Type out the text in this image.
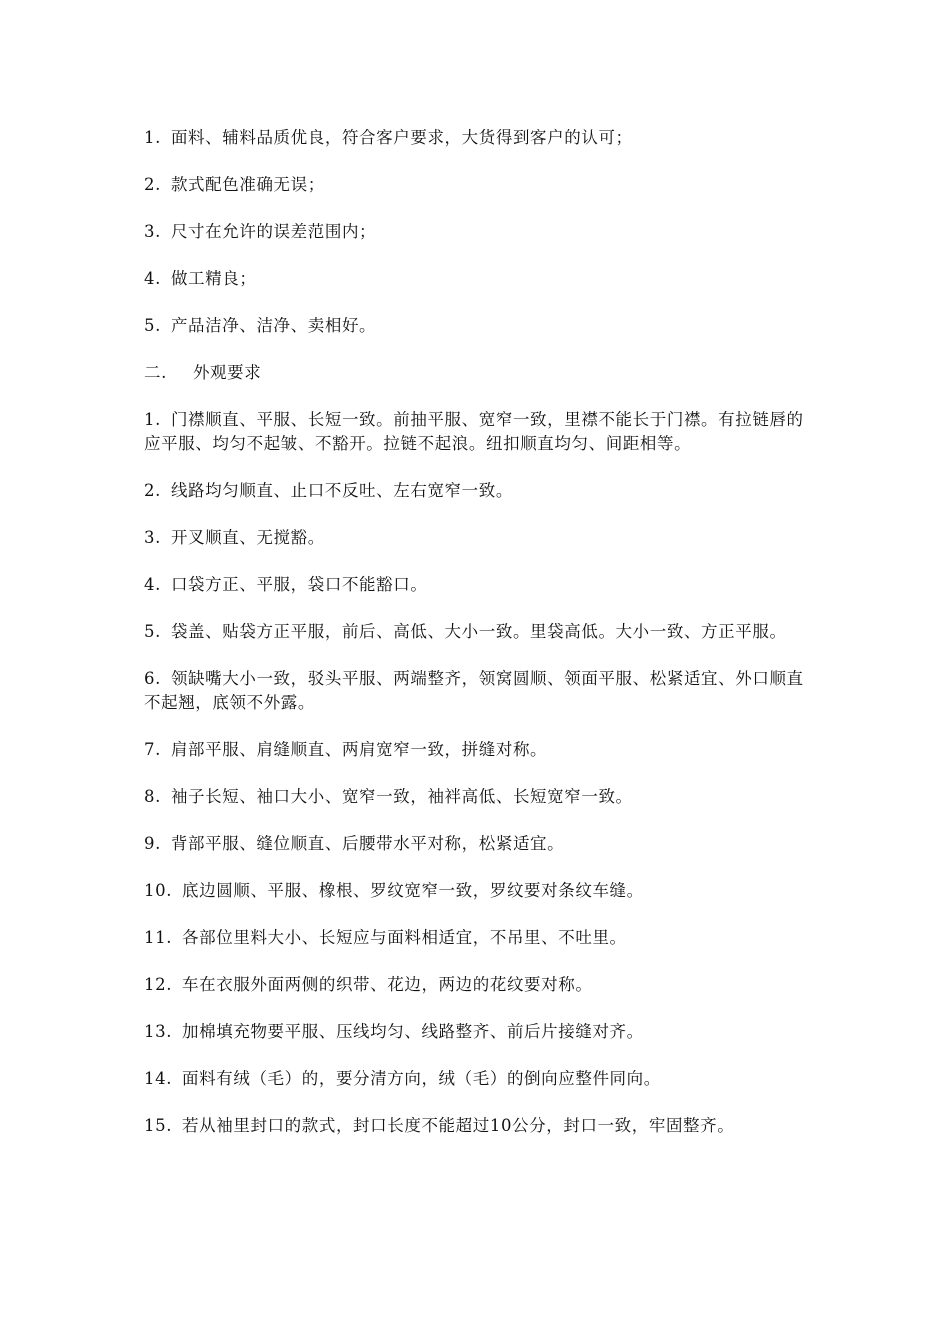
1. 面料、辅料品质优良，符合客户要求，大货得到客户的认可；

2. 款式配色准确无误；

3. 尺寸在允许的误差范围内；

4. 做工精良；

5. 产品洁净、洁净、卖相好。

二. 外观要求

1. 门襟顺直、平服、长短一致。前抽平服、宽窄一致，里襟不能长于门襟。有拉链唇的应平服、均匀不起皱、不豁开。拉链不起浪。纽扣顺直均匀、间距相等。

2. 线路均匀顺直、止口不反吐、左右宽窄一致。

3. 开叉顺直、无搅豁。

4. 口袋方正、平服，袋口不能豁口。

5. 袋盖、贴袋方正平服，前后、高低、大小一致。里袋高低。大小一致、方正平服。

6. 领缺嘴大小一致，驳头平服、两端整齐，领窝圆顺、领面平服、松紧适宜、外口顺直不起翘，底领不外露。

7. 肩部平服、肩缝顺直、两肩宽窄一致，拼缝对称。

8. 袖子长短、袖口大小、宽窄一致，袖袢高低、长短宽窄一致。

9. 背部平服、缝位顺直、后腰带水平对称，松紧适宜。

10. 底边圆顺、平服、橡根、罗纹宽窄一致，罗纹要对条纹车缝。

11. 各部位里料大小、长短应与面料相适宜，不吊里、不吐里。

12. 车在衣服外面两侧的织带、花边，两边的花纹要对称。

13. 加棉填充物要平服、压线均匀、线路整齐、前后片接缝对齐。

14. 面料有绒（毛）的，要分清方向，绒（毛）的倒向应整件同向。

15. 若从袖里封口的款式，封口长度不能超过10公分，封口一致，牢固整齐。
